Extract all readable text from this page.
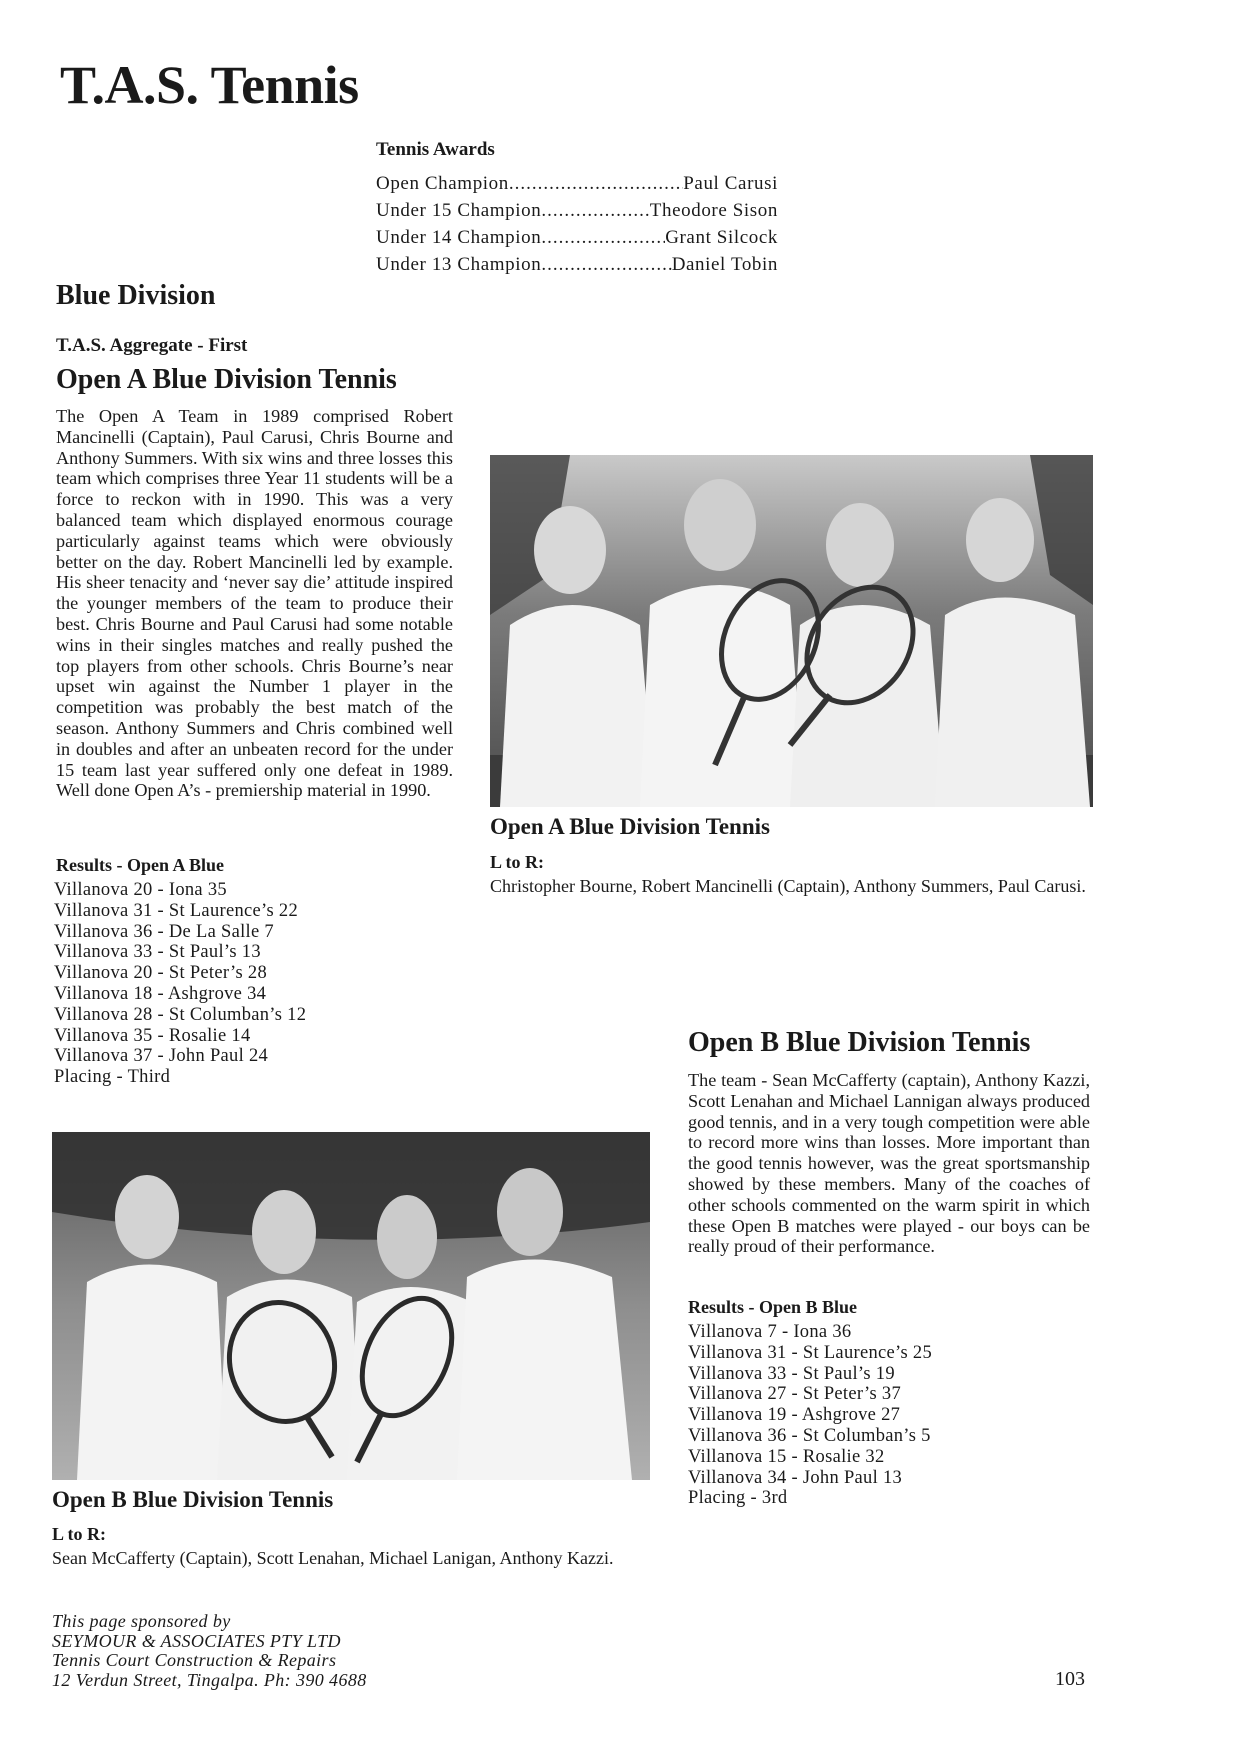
T.A.S. Tennis
Tennis Awards
Open Champion .....	Paul Carusi
Under 15 Champion .....	Theodore Sison
Under 14 Champion .....	Grant Silcock
Under 13 Champion .....	Daniel Tobin
Blue Division
T.A.S. Aggregate - First
Open A Blue Division Tennis
The Open A Team in 1989 comprised Robert Mancinelli (Captain), Paul Carusi, Chris Bourne and Anthony Summers. With six wins and three losses this team which comprises three Year 11 students will be a force to reckon with in 1990. This was a very balanced team which displayed enormous courage particularly against teams which were obviously better on the day. Robert Mancinelli led by example. His sheer tenacity and ‘never say die’ attitude inspired the younger members of the team to produce their best. Chris Bourne and Paul Carusi had some notable wins in their singles matches and really pushed the top players from other schools. Chris Bourne’s near upset win against the Number 1 player in the competition was probably the best match of the season. Anthony Summers and Chris combined well in doubles and after an unbeaten record for the under 15 team last year suffered only one defeat in 1989. Well done Open A’s - premiership material in 1990.
Results - Open A Blue
Villanova 20 - Iona 35
Villanova 31 - St Laurence’s 22
Villanova 36 - De La Salle 7
Villanova 33 - St Paul’s 13
Villanova 20 - St Peter’s 28
Villanova 18 - Ashgrove 34
Villanova 28 - St Columban’s 12
Villanova 35 - Rosalie 14
Villanova 37 - John Paul 24
Placing - Third
Open A Blue Division Tennis
L to R:
Christopher Bourne, Robert Mancinelli (Captain), Anthony Summers, Paul Carusi.
Open B Blue Division Tennis
The team - Sean McCafferty (captain), Anthony Kazzi, Scott Lenahan and Michael Lannigan always produced good tennis, and in a very tough competition were able to record more wins than losses. More important than the good tennis however, was the great sportsmanship showed by these members. Many of the coaches of other schools commented on the warm spirit in which these Open B matches were played - our boys can be really proud of their performance.
Results - Open B Blue
Villanova 7 - Iona 36
Villanova 31 - St Laurence’s 25
Villanova 33 - St Paul’s 19
Villanova 27 - St Peter’s 37
Villanova 19 - Ashgrove 27
Villanova 36 - St Columban’s 5
Villanova 15 - Rosalie 32
Villanova 34 - John Paul 13
Placing - 3rd
Open B Blue Division Tennis
L to R:
Sean McCafferty (Captain), Scott Lenahan, Michael Lanigan, Anthony Kazzi.
This page sponsored by
SEYMOUR & ASSOCIATES PTY LTD
Tennis Court Construction & Repairs
12 Verdun Street, Tingalpa. Ph: 390 4688	103
